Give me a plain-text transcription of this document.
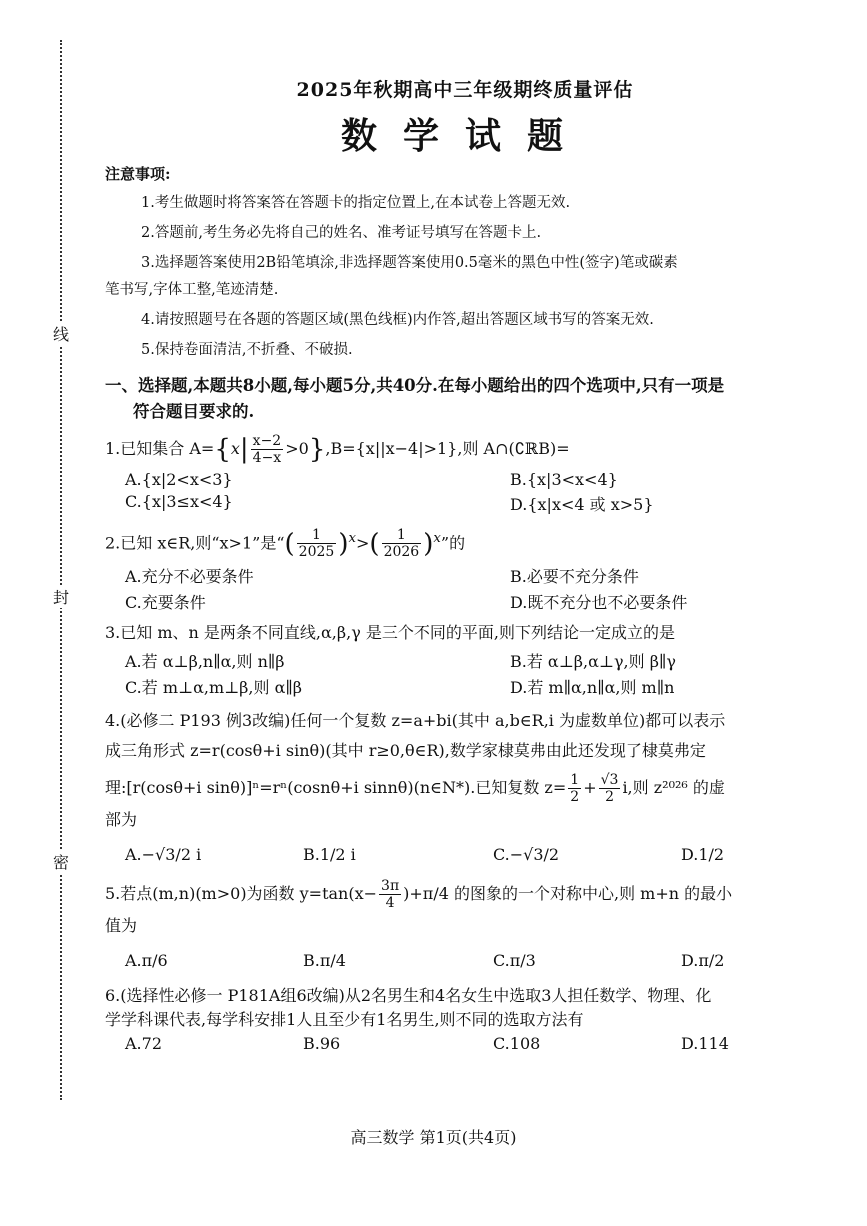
线
封
密
2025年秋期高中三年级期终质量评估
数学试题
注意事项:
1.考生做题时将答案答在答题卡的指定位置上,在本试卷上答题无效.
2.答题前,考生务必先将自己的姓名、准考证号填写在答题卡上.
3.选择题答案使用2B铅笔填涂,非选择题答案使用0.5毫米的黑色中性(签字)笔或碳素
笔书写,字体工整,笔迹清楚.
4.请按照题号在各题的答题区域(黑色线框)内作答,超出答题区域书写的答案无效.
5.保持卷面清洁,不折叠、不破损.
一、选择题,本题共8小题,每小题5分,共40分.在每小题给出的四个选项中,只有一项是
符合题目要求的.
1.已知集合 $A=\{x| \frac{x-2}{4-x} >0\},B=\{x||x-4|>1\}$,则 A∩(∁ℝB)=
A.{x|2<x<3}	B.{x|3<x<4}
C.{x|3≤x<4}	D.{x|x<4 或 x>5}
2.已知 x∈R,则“x>1”是“( $\frac{1}{2025} )^x>( \frac{1}{2026} )^x$”的
A.充分不必要条件	B.必要不充分条件
C.充要条件	D.既不充分也不必要条件
3.已知 m、n 是两条不同直线,α,β,γ 是三个不同的平面,则下列结论一定成立的是
A.若 α⊥β,n∥α,则 n∥β	B.若 α⊥β,α⊥γ,则 β∥γ
C.若 m⊥α,m⊥β,则 α∥β	D.若 m∥α,n∥α,则 m∥n
4.(必修二 P193 例3改编)任何一个复数 z=a+bi(其中 a,b∈R,i 为虚数单位)都可以表示
成三角形式 z=r(cosθ+i sinθ)(其中 r≥0,θ∈R),数学家棣莫弗由此还发现了棣莫弗定
理:[r(cosθ+i sinθ)]ⁿ=rⁿ(cosnθ+i sinnθ)(n∈N*).已知复数 $z= \frac{1}{2} + \frac{√3}{2} i$,则 z²⁰²⁶ 的虚
部为
A.−√3/2 i	B.1/2 i	C.−√3/2	D.1/2
5.若点(m,n)(m>0)为函数 $y=\tan(x- \frac{3\pi}{4} )+\pi/4$ 的图象的一个对称中心,则 m+n 的最小
值为
A.π/6	B.π/4	C.π/3	D.π/2
6.(选择性必修一 P181A组6改编)从2名男生和4名女生中选取3人担任数学、物理、化
学学科课代表,每学科安排1人且至少有1名男生,则不同的选取方法有
A.72	B.96	C.108	D.114
高三数学 第1页(共4页)
